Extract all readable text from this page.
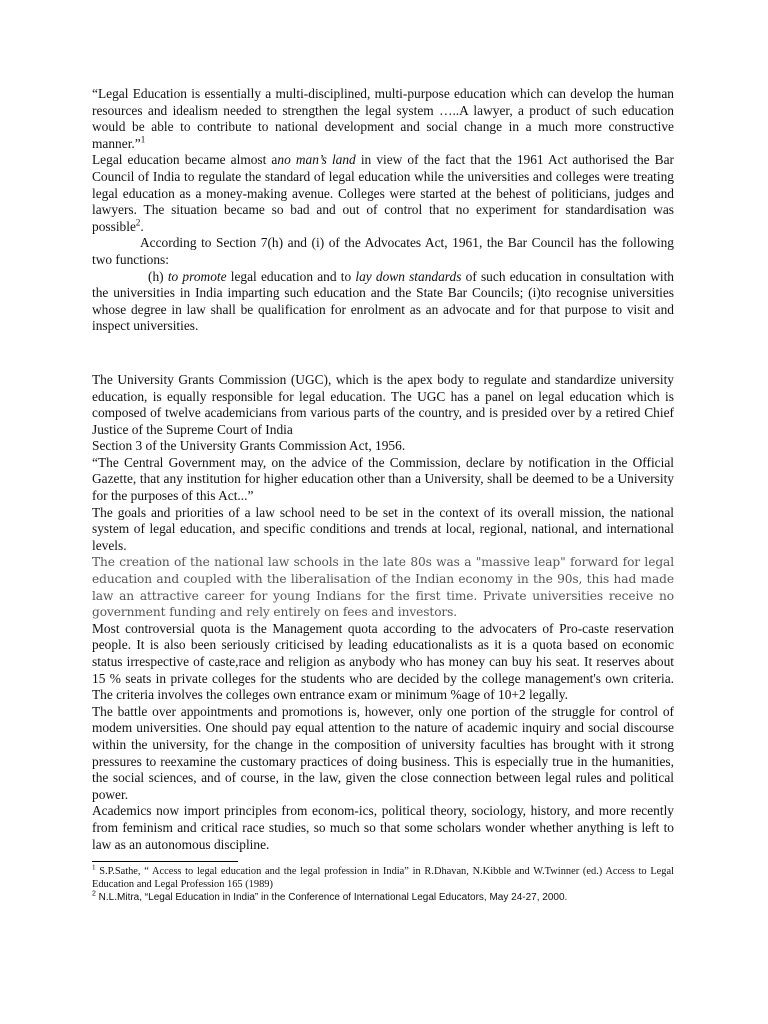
“Legal Education is essentially a multi-disciplined, multi-purpose education which can develop the human resources and idealism needed to strengthen the legal system …..A lawyer, a product of such education would be able to contribute to national development and social change in a much more constructive manner.”$^1$

Legal education became almost ano man’s land in view of the fact that the 1961 Act authorised the Bar Council of India to regulate the standard of legal education while the universities and colleges were treating legal education as a money-making avenue. Colleges were started at the behest of politicians, judges and lawyers. The situation became so bad and out of control that no experiment for standardisation was possible$^2$.

According to Section 7(h) and (i) of the Advocates Act, 1961, the Bar Council has the following two functions:

(h) to promote legal education and to lay down standards of such education in consultation with the universities in India imparting such education and the State Bar Councils; (i)to recognise universities whose degree in law shall be qualification for enrolment as an advocate and for that purpose to visit and inspect universities.

The University Grants Commission (UGC), which is the apex body to regulate and standardize university education, is equally responsible for legal education. The UGC has a panel on legal education which is composed of twelve academicians from various parts of the country, and is presided over by a retired Chief Justice of the Supreme Court of India

Section 3 of the University Grants Commission Act, 1956.

“The Central Government may, on the advice of the Commission, declare by notification in the Official Gazette, that any institution for higher education other than a University, shall be deemed to be a University for the purposes of this Act...”

The goals and priorities of a law school need to be set in the context of its overall mission, the national system of legal education, and specific conditions and trends at local, regional, national, and international levels.

The creation of the national law schools in the late 80s was a "massive leap" forward for legal education and coupled with the liberalisation of the Indian economy in the 90s, this had made law an attractive career for young Indians for the first time. Private universities receive no government funding and rely entirely on fees and investors.

Most controversial quota is the Management quota according to the advocaters of Pro-caste reservation people. It is also been seriously criticised by leading educationalists as it is a quota based on economic status irrespective of caste,race and religion as anybody who has money can buy his seat. It reserves about 15 % seats in private colleges for the students who are decided by the college management's own criteria. The criteria involves the colleges own entrance exam or minimum %age of 10+2 legally.

The battle over appointments and promotions is, however, only one portion of the struggle for control of modem universities. One should pay equal attention to the nature of academic inquiry and social discourse within the university, for the change in the composition of university faculties has brought with it strong pressures to reexamine the customary practices of doing business. This is especially true in the humanities, the social sciences, and of course, in the law, given the close connection between legal rules and political power.

Academics now import principles from econom-ics, political theory, sociology, history, and more recently from feminism and critical race studies, so much so that some scholars wonder whether anything is left to law as an autonomous discipline.

$^1$ S.P.Sathe, “ Access to legal education and the legal profession in India” in R.Dhavan, N.Kibble and W.Twinner (ed.) Access to Legal Education and Legal Profession 165 (1989)

$^2$ N.L.Mitra, “Legal Education in India” in the Conference of International Legal Educators, May 24-27, 2000.
